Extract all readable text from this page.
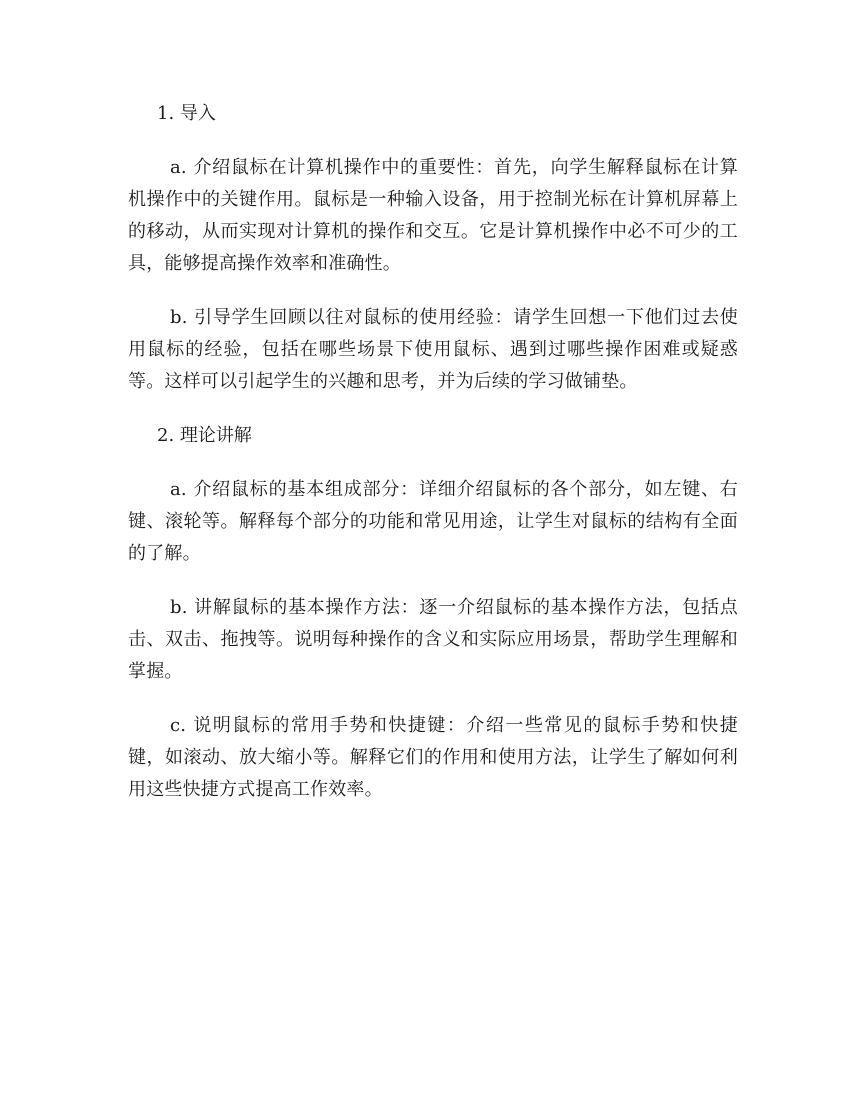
1. 导入

a. 介绍鼠标在计算机操作中的重要性：首先，向学生解释鼠标在计算机操作中的关键作用。鼠标是一种输入设备，用于控制光标在计算机屏幕上的移动，从而实现对计算机的操作和交互。它是计算机操作中必不可少的工具，能够提高操作效率和准确性。

b. 引导学生回顾以往对鼠标的使用经验：请学生回想一下他们过去使用鼠标的经验，包括在哪些场景下使用鼠标、遇到过哪些操作困难或疑惑等。这样可以引起学生的兴趣和思考，并为后续的学习做铺垫。

2. 理论讲解

a. 介绍鼠标的基本组成部分：详细介绍鼠标的各个部分，如左键、右键、滚轮等。解释每个部分的功能和常见用途，让学生对鼠标的结构有全面的了解。

b. 讲解鼠标的基本操作方法：逐一介绍鼠标的基本操作方法，包括点击、双击、拖拽等。说明每种操作的含义和实际应用场景，帮助学生理解和掌握。

c. 说明鼠标的常用手势和快捷键：介绍一些常见的鼠标手势和快捷键，如滚动、放大缩小等。解释它们的作用和使用方法，让学生了解如何利用这些快捷方式提高工作效率。
